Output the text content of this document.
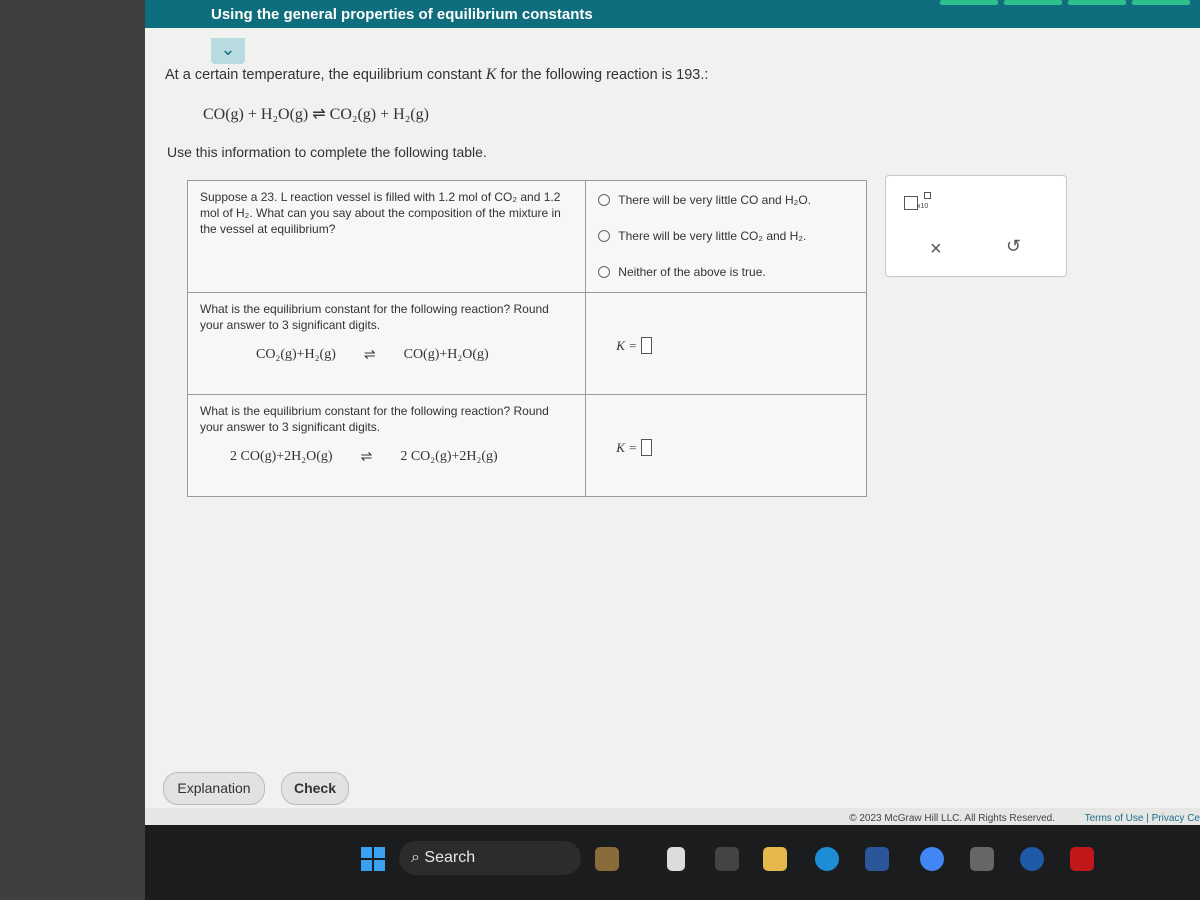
Using the general properties of equilibrium constants
⌄
At a certain temperature, the equilibrium constant K for the following reaction is 193.:
CO(g) + H₂O(g) ⇌ CO₂(g) + H₂(g)
Use this information to complete the following table.
Suppose a 23. L reaction vessel is filled with 1.2 mol of CO₂ and 1.2 mol of H₂. What can you say about the composition of the mixture in the vessel at equilibrium?	There will be very little CO and H₂O.
There will be very little CO₂ and H₂.
Neither of the above is true.

What is the equilibrium constant for the following reaction? Round your answer to 3 significant digits.
CO₂(g)+H₂(g) ⇌ CO(g)+H₂O(g)	K =

What is the equilibrium constant for the following reaction? Round your answer to 3 significant digits.
2 CO(g)+2H₂O(g) ⇌ 2 CO₂(g)+2H₂(g)	K =
x10
×	↺
Explanation	Check
© 2023 McGraw Hill LLC. All Rights Reserved.	Terms of Use | Privacy Ce
⌕ Search
